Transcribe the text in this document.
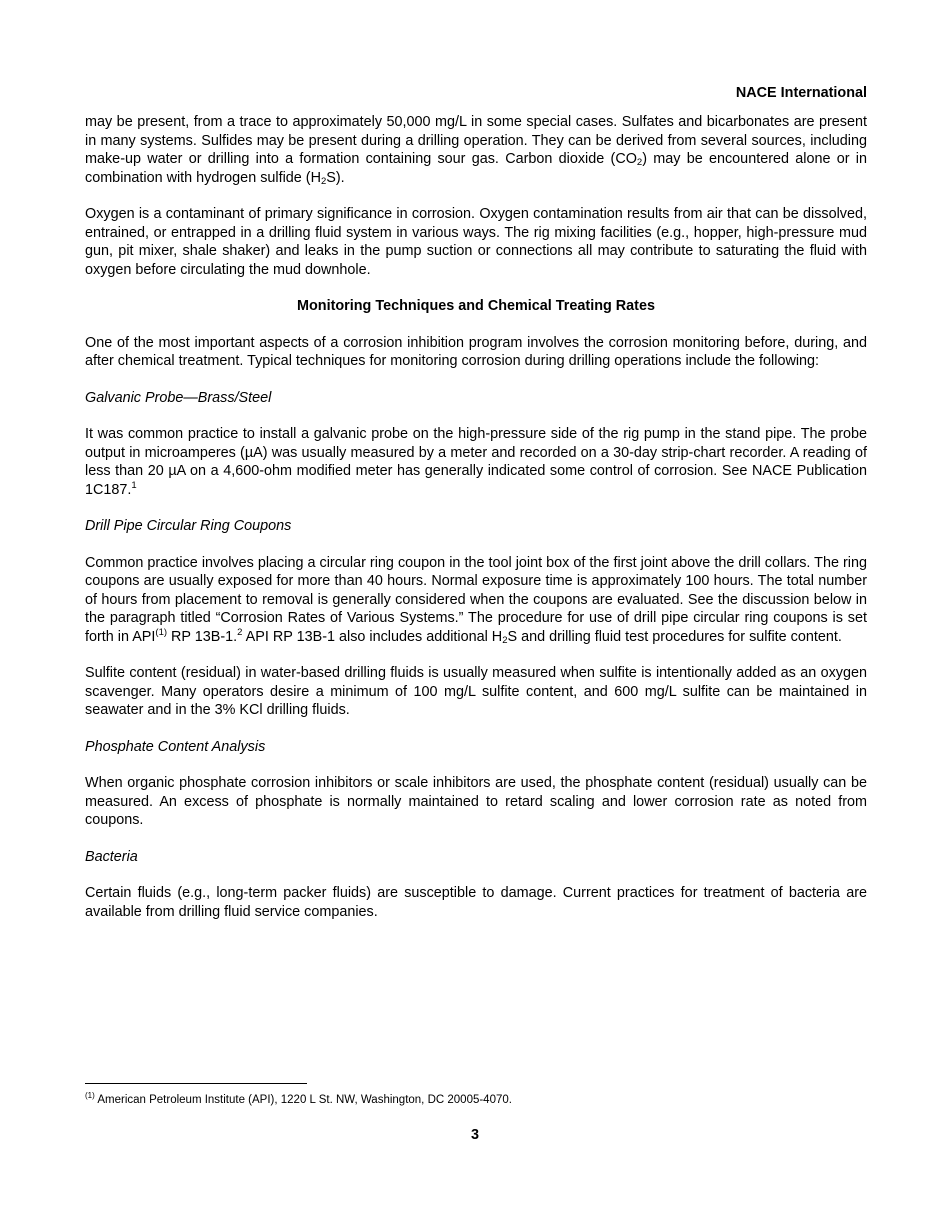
NACE International

may be present, from a trace to approximately 50,000 mg/L in some special cases. Sulfates and bicarbonates are present in many systems. Sulfides may be present during a drilling operation. They can be derived from several sources, including make-up water or drilling into a formation containing sour gas. Carbon dioxide $(CO_2)$ may be encountered alone or in combination with hydrogen sulfide $(H_2S)$.

Oxygen is a contaminant of primary significance in corrosion. Oxygen contamination results from air that can be dissolved, entrained, or entrapped in a drilling fluid system in various ways. The rig mixing facilities (e.g., hopper, high-pressure mud gun, pit mixer, shale shaker) and leaks in the pump suction or connections all may contribute to saturating the fluid with oxygen before circulating the mud downhole.

Monitoring Techniques and Chemical Treating Rates

One of the most important aspects of a corrosion inhibition program involves the corrosion monitoring before, during, and after chemical treatment. Typical techniques for monitoring corrosion during drilling operations include the following:

Galvanic Probe—Brass/Steel

It was common practice to install a galvanic probe on the high-pressure side of the rig pump in the stand pipe. The probe output in microamperes (µA) was usually measured by a meter and recorded on a 30-day strip-chart recorder. A reading of less than 20 µA on a 4,600-ohm modified meter has generally indicated some control of corrosion. See NACE Publication 1C187.$^1$

Drill Pipe Circular Ring Coupons

Common practice involves placing a circular ring coupon in the tool joint box of the first joint above the drill collars. The ring coupons are usually exposed for more than 40 hours. Normal exposure time is approximately 100 hours. The total number of hours from placement to removal is generally considered when the coupons are evaluated. See the discussion below in the paragraph titled “Corrosion Rates of Various Systems.” The procedure for use of drill pipe circular ring coupons is set forth in API$^{(1)}$ RP 13B-1.$^2$ API RP 13B-1 also includes additional $H_2S$ and drilling fluid test procedures for sulfite content.

Sulfite content (residual) in water-based drilling fluids is usually measured when sulfite is intentionally added as an oxygen scavenger. Many operators desire a minimum of 100 mg/L sulfite content, and 600 mg/L sulfite can be maintained in seawater and in the 3% KCl drilling fluids.

Phosphate Content Analysis

When organic phosphate corrosion inhibitors or scale inhibitors are used, the phosphate content (residual) usually can be measured. An excess of phosphate is normally maintained to retard scaling and lower corrosion rate as noted from coupons.

Bacteria

Certain fluids (e.g., long-term packer fluids) are susceptible to damage. Current practices for treatment of bacteria are available from drilling fluid service companies.

$^{(1)}$ American Petroleum Institute (API), 1220 L St. NW, Washington, DC 20005-4070.
3
